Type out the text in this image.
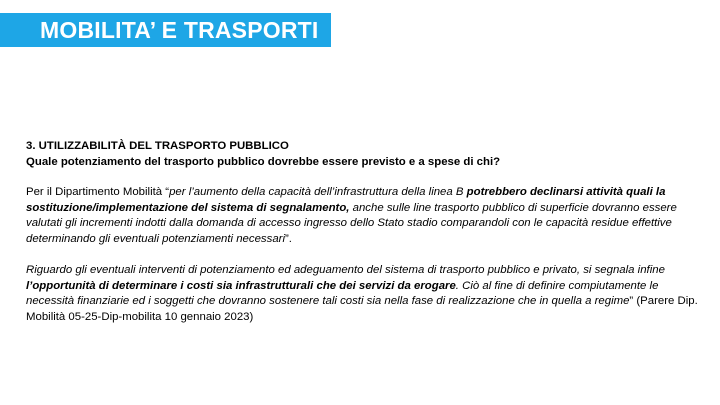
MOBILITA’ E TRASPORTI

3. UTILIZZABILITÀ DEL TRASPORTO PUBBLICO

Quale potenziamento del trasporto pubblico dovrebbe essere previsto e a spese di chi?

Per il Dipartimento Mobilità “per l’aumento della capacità dell’infrastruttura della linea B potrebbero declinarsi attività quali la sostituzione/implementazione del sistema di segnalamento, anche sulle line trasporto pubblico di superficie dovranno essere valutati gli incrementi indotti dalla domanda di accesso ingresso dello Stato stadio comparandoli con le capacità residue effettive determinando gli eventuali potenziamenti necessari”.

Riguardo gli eventuali interventi di potenziamento ed adeguamento del sistema di trasporto pubblico e privato, si segnala infine l’opportunità di determinare i costi sia infrastrutturali che dei servizi da erogare. Ciò al fine di definire compiutamente le necessità finanziarie ed i soggetti che dovranno sostenere tali costi sia nella fase di realizzazione che in quella a regime” (Parere Dip. Mobilità 05-25-Dip-mobilita 10 gennaio 2023)
